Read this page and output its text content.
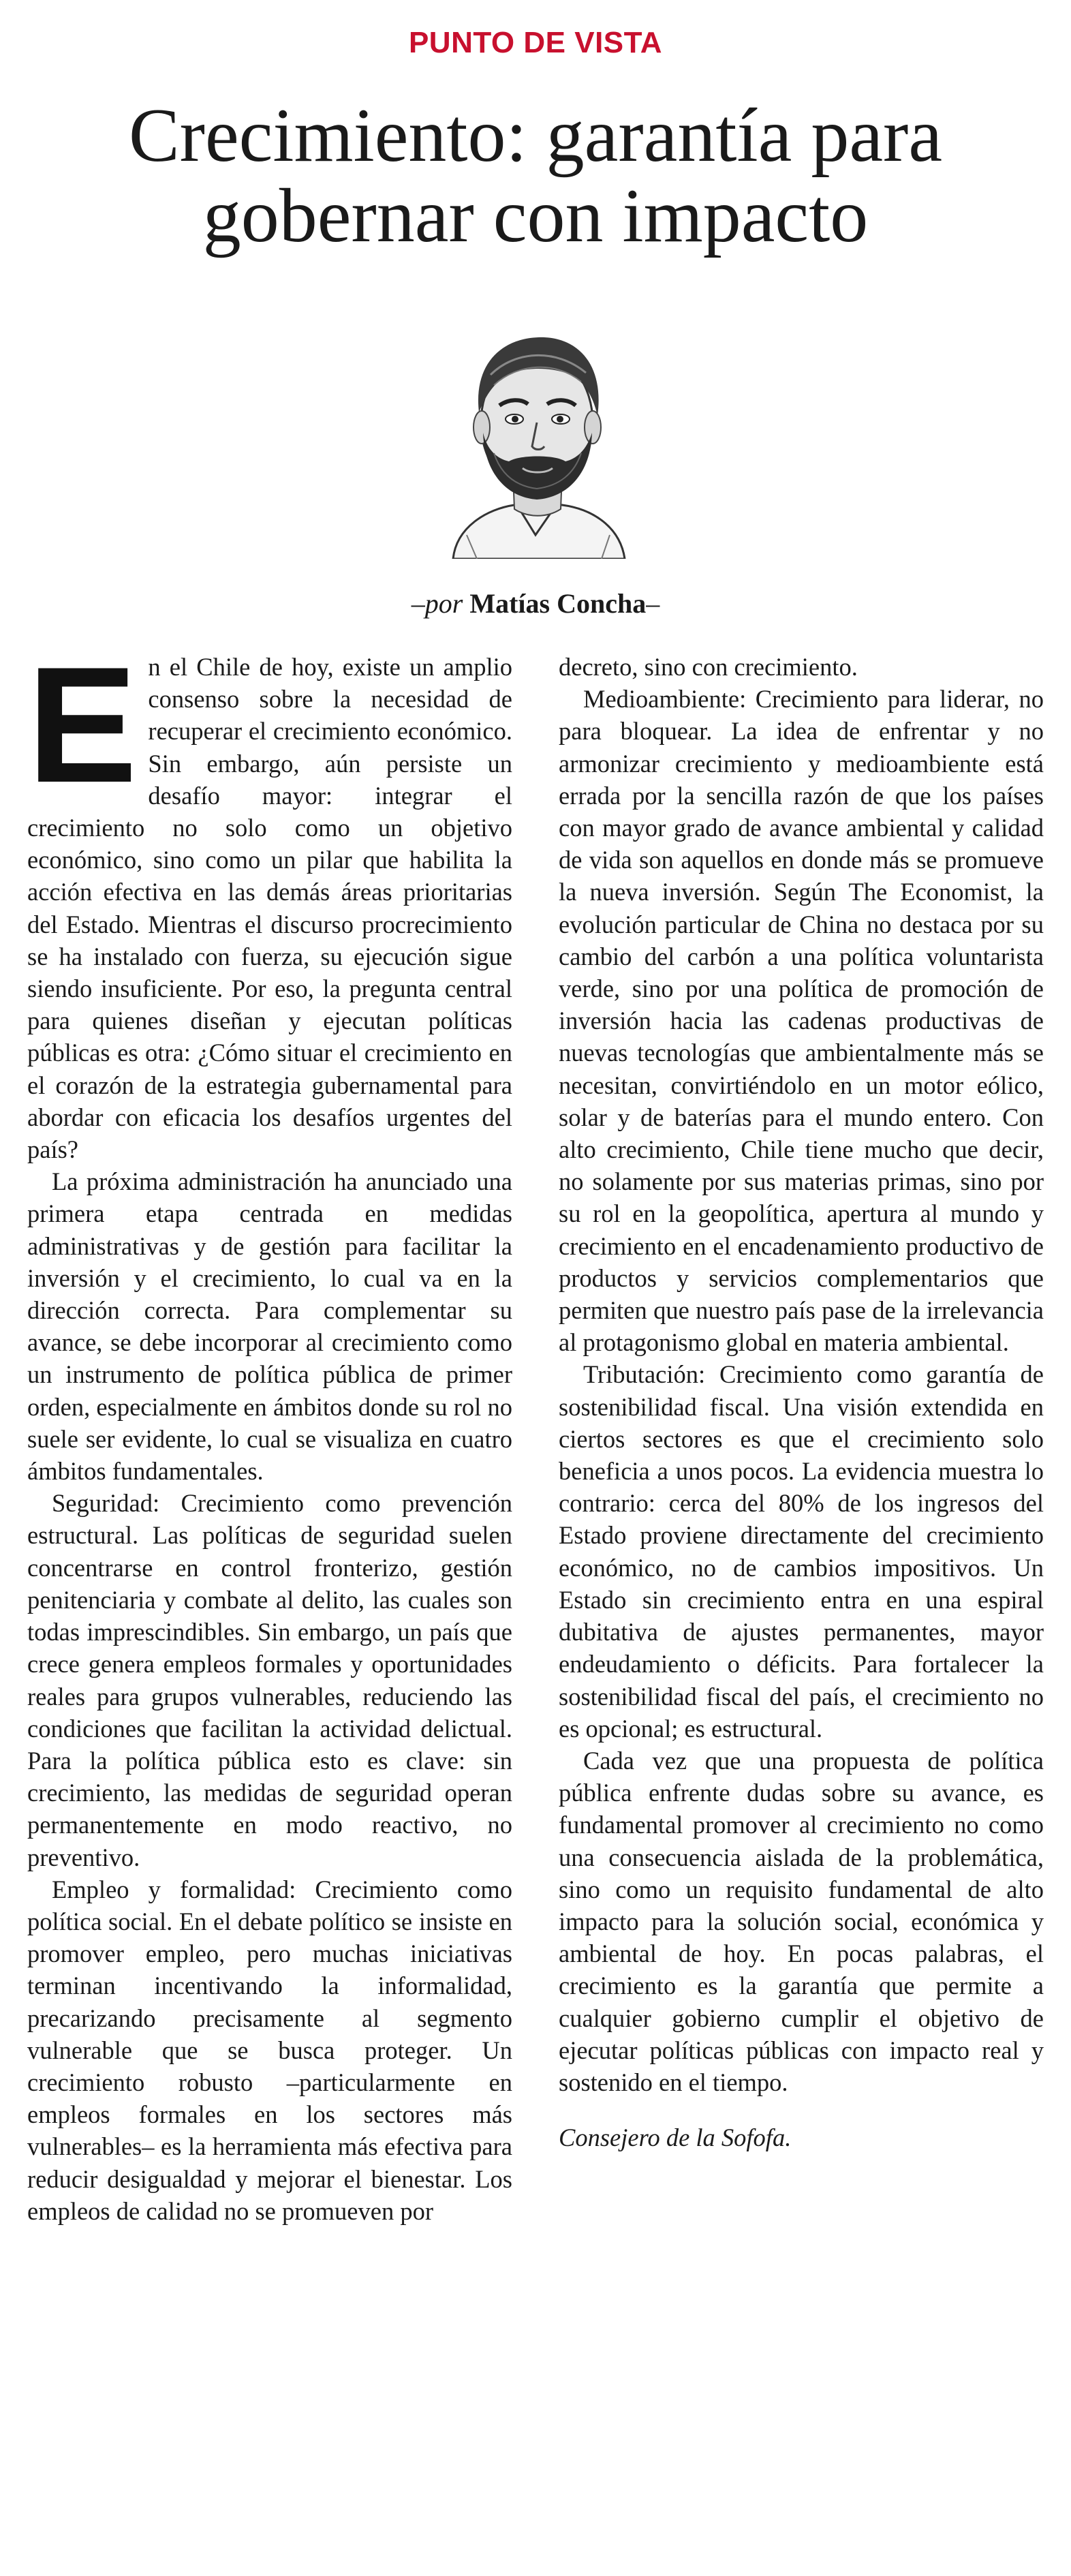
PUNTO DE VISTA
Crecimiento: garantía para gobernar con impacto
–por Matías Concha–

En el Chile de hoy, existe un amplio consenso sobre la necesidad de recuperar el crecimiento económico. Sin embargo, aún persiste un desafío mayor: integrar el crecimiento no solo como un objetivo económico, sino como un pilar que habilita la acción efectiva en las demás áreas prioritarias del Estado. Mientras el discurso procrecimiento se ha instalado con fuerza, su ejecución sigue siendo insuficiente. Por eso, la pregunta central para quienes diseñan y ejecutan políticas públicas es otra: ¿Cómo situar el crecimiento en el corazón de la estrategia gubernamental para abordar con eficacia los desafíos urgentes del país?

La próxima administración ha anunciado una primera etapa centrada en medidas administrativas y de gestión para facilitar la inversión y el crecimiento, lo cual va en la dirección correcta. Para complementar su avance, se debe incorporar al crecimiento como un instrumento de política pública de primer orden, especialmente en ámbitos donde su rol no suele ser evidente, lo cual se visualiza en cuatro ámbitos fundamentales.

Seguridad: Crecimiento como prevención estructural. Las políticas de seguridad suelen concentrarse en control fronterizo, gestión penitenciaria y combate al delito, las cuales son todas imprescindibles. Sin embargo, un país que crece genera empleos formales y oportunidades reales para grupos vulnerables, reduciendo las condiciones que facilitan la actividad delictual. Para la política pública esto es clave: sin crecimiento, las medidas de seguridad operan permanentemente en modo reactivo, no preventivo.

Empleo y formalidad: Crecimiento como política social. En el debate político se insiste en promover empleo, pero muchas iniciativas terminan incentivando la informalidad, precarizando precisamente al segmento vulnerable que se busca proteger. Un crecimiento robusto –particularmente en empleos formales en los sectores más vulnerables– es la herramienta más efectiva para reducir desigualdad y mejorar el bienestar. Los empleos de calidad no se promueven por

decreto, sino con crecimiento.

Medioambiente: Crecimiento para liderar, no para bloquear. La idea de enfrentar y no armonizar crecimiento y medioambiente está errada por la sencilla razón de que los países con mayor grado de avance ambiental y calidad de vida son aquellos en donde más se promueve la nueva inversión. Según The Economist, la evolución particular de China no destaca por su cambio del carbón a una política voluntarista verde, sino por una política de promoción de inversión hacia las cadenas productivas de nuevas tecnologías que ambientalmente más se necesitan, convirtiéndolo en un motor eólico, solar y de baterías para el mundo entero. Con alto crecimiento, Chile tiene mucho que decir, no solamente por sus materias primas, sino por su rol en la geopolítica, apertura al mundo y crecimiento en el encadenamiento productivo de productos y servicios complementarios que permiten que nuestro país pase de la irrelevancia al protagonismo global en materia ambiental.

Tributación: Crecimiento como garantía de sostenibilidad fiscal. Una visión extendida en ciertos sectores es que el crecimiento solo beneficia a unos pocos. La evidencia muestra lo contrario: cerca del 80% de los ingresos del Estado proviene directamente del crecimiento económico, no de cambios impositivos. Un Estado sin crecimiento entra en una espiral dubitativa de ajustes permanentes, mayor endeudamiento o déficits. Para fortalecer la sostenibilidad fiscal del país, el crecimiento no es opcional; es estructural.

Cada vez que una propuesta de política pública enfrente dudas sobre su avance, es fundamental promover al crecimiento no como una consecuencia aislada de la problemática, sino como un requisito fundamental de alto impacto para la solución social, económica y ambiental de hoy. En pocas palabras, el crecimiento es la garantía que permite a cualquier gobierno cumplir el objetivo de ejecutar políticas públicas con impacto real y sostenido en el tiempo.

Consejero de la Sofofa.
